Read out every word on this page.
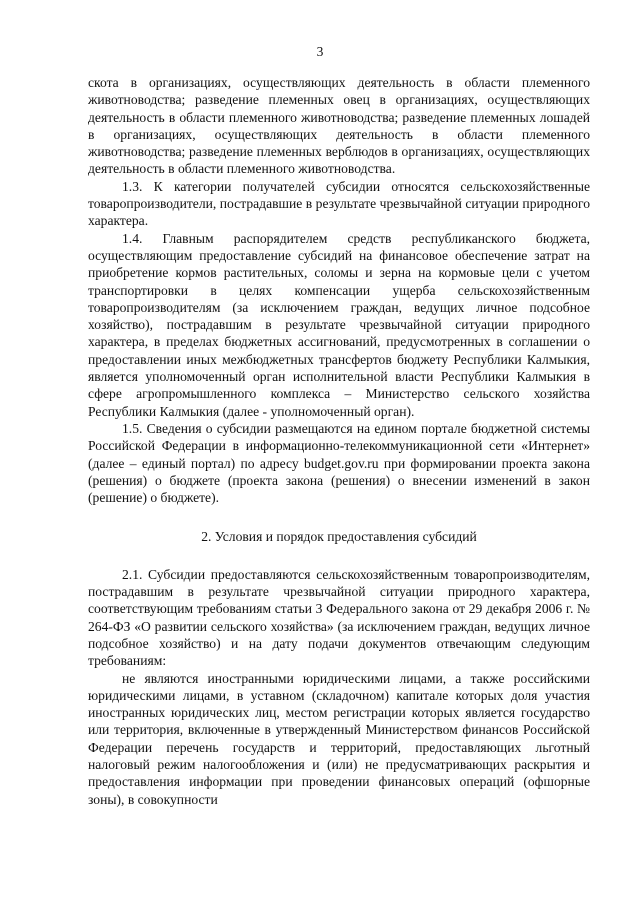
3

скота в организациях, осуществляющих деятельность в области племенного животноводства; разведение племенных овец в организациях, осуществляющих деятельность в области племенного животноводства; разведение племенных лошадей в организациях, осуществляющих деятельность в области племенного животноводства; разведение племенных верблюдов в организациях, осуществляющих деятельность в области племенного животноводства.

1.3. К категории получателей субсидии относятся сельскохозяйственные товаропроизводители, пострадавшие в результате чрезвычайной ситуации природного характера.

1.4. Главным распорядителем средств республиканского бюджета, осуществляющим предоставление субсидий на финансовое обеспечение затрат на приобретение кормов растительных, соломы и зерна на кормовые цели с учетом транспортировки в целях компенсации ущерба сельскохозяйственным товаропроизводителям (за исключением граждан, ведущих личное подсобное хозяйство), пострадавшим в результате чрезвычайной ситуации природного характера, в пределах бюджетных ассигнований, предусмотренных в соглашении о предоставлении иных межбюджетных трансфертов бюджету Республики Калмыкия, является уполномоченный орган исполнительной власти Республики Калмыкия в сфере агропромышленного комплекса – Министерство сельского хозяйства Республики Калмыкия (далее - уполномоченный орган).

1.5. Сведения о субсидии размещаются на едином портале бюджетной системы Российской Федерации в информационно-телекоммуникационной сети «Интернет» (далее – единый портал) по адресу budget.gov.ru при формировании проекта закона (решения) о бюджете (проекта закона (решения) о внесении изменений в закон (решение) о бюджете).

2. Условия и порядок предоставления субсидий

2.1. Субсидии предоставляются сельскохозяйственным товаропроизводителям, пострадавшим в результате чрезвычайной ситуации природного характера, соответствующим требованиям статьи 3 Федерального закона от 29 декабря 2006 г. № 264-ФЗ «О развитии сельского хозяйства» (за исключением граждан, ведущих личное подсобное хозяйство) и на дату подачи документов отвечающим следующим требованиям:

не являются иностранными юридическими лицами, а также российскими юридическими лицами, в уставном (складочном) капитале которых доля участия иностранных юридических лиц, местом регистрации которых является государство или территория, включенные в утвержденный Министерством финансов Российской Федерации перечень государств и территорий, предоставляющих льготный налоговый режим налогообложения и (или) не предусматривающих раскрытия и предоставления информации при проведении финансовых операций (офшорные зоны), в совокупности
